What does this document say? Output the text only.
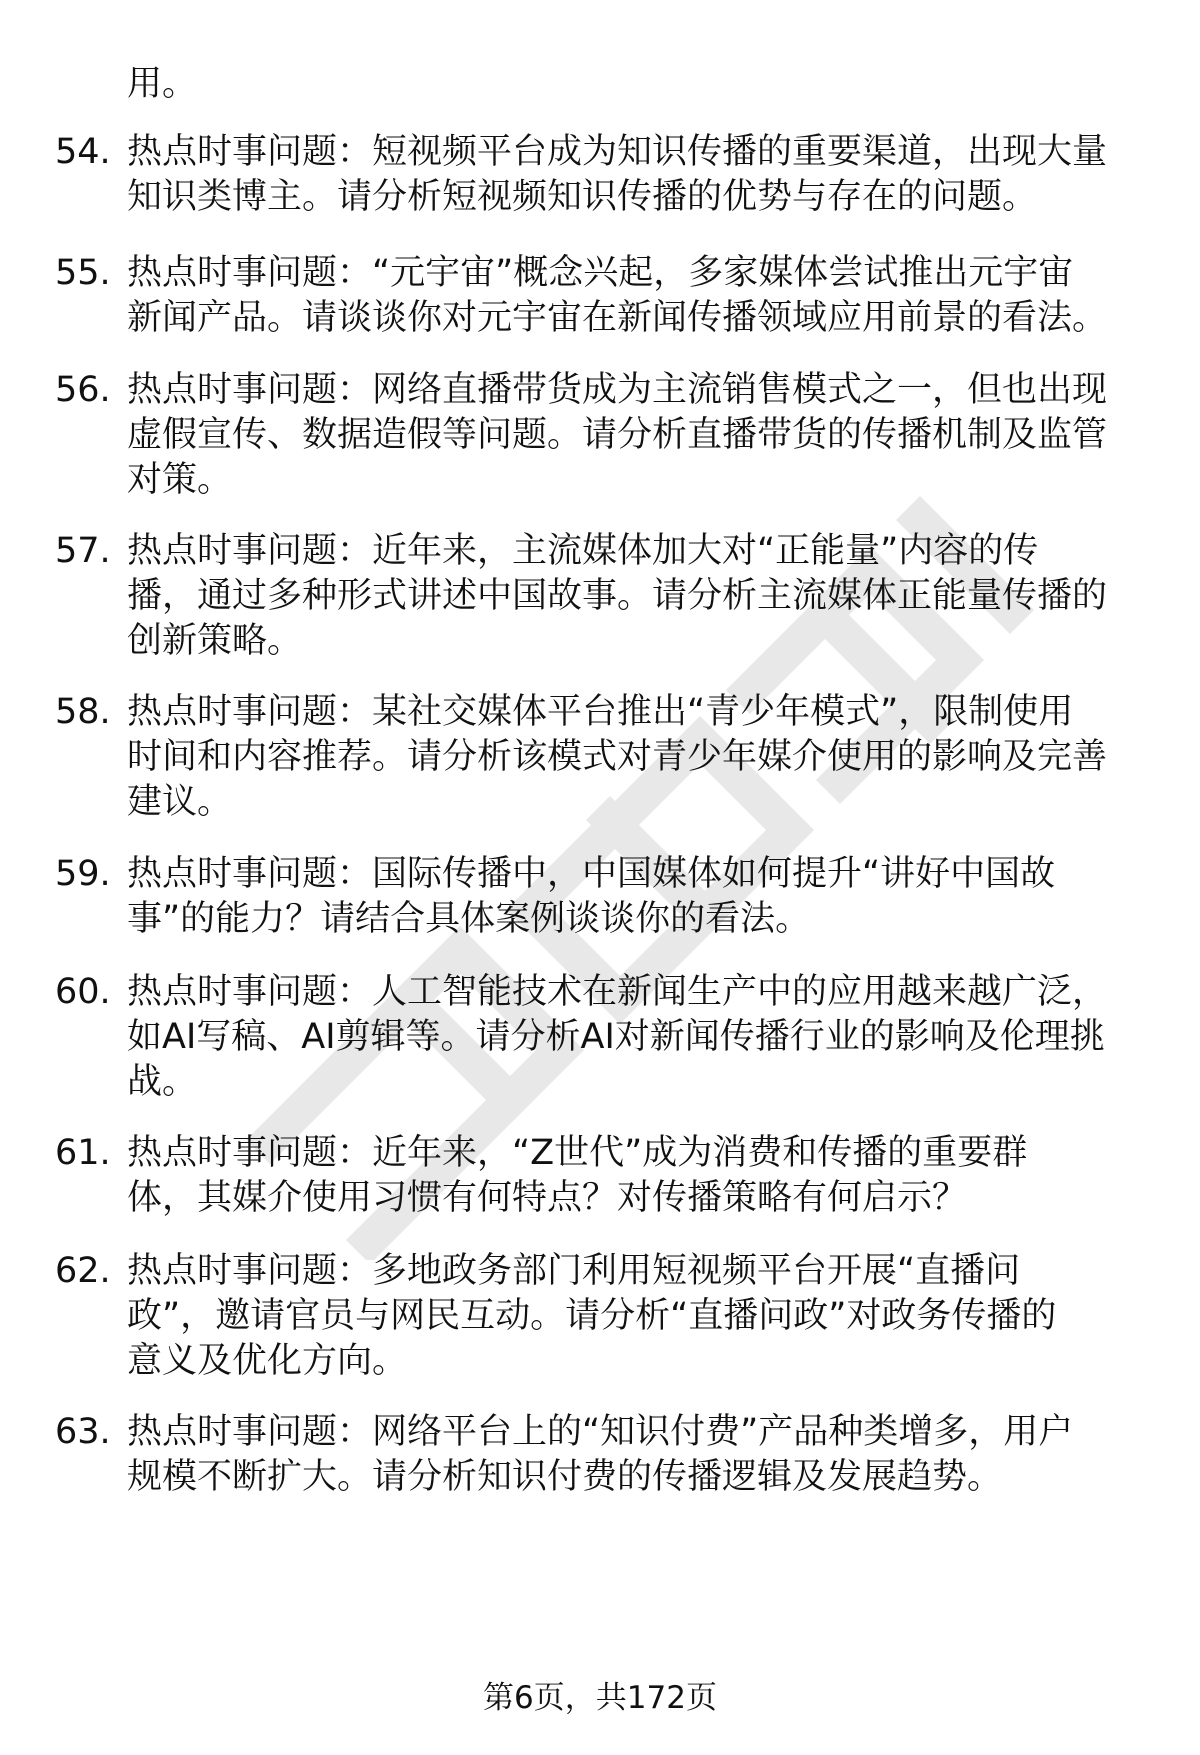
用。
54. 热点时事问题：短视频平台成为知识传播的重要渠道，出现大量
知识类博主。请分析短视频知识传播的优势与存在的问题。
55. 热点时事问题：“元宇宙”概念兴起，多家媒体尝试推出元宇宙
新闻产品。请谈谈你对元宇宙在新闻传播领域应用前景的看法。
56. 热点时事问题：网络直播带货成为主流销售模式之一，但也出现
虚假宣传、数据造假等问题。请分析直播带货的传播机制及监管
对策。
57. 热点时事问题：近年来，主流媒体加大对“正能量”内容的传
播，通过多种形式讲述中国故事。请分析主流媒体正能量传播的
创新策略。
58. 热点时事问题：某社交媒体平台推出“青少年模式”，限制使用
时间和内容推荐。请分析该模式对青少年媒介使用的影响及完善
建议。
59. 热点时事问题：国际传播中，中国媒体如何提升“讲好中国故
事”的能力？请结合具体案例谈谈你的看法。
60. 热点时事问题：人工智能技术在新闻生产中的应用越来越广泛，
如AI写稿、AI剪辑等。请分析AI对新闻传播行业的影响及伦理挑
战。
61. 热点时事问题：近年来，“Z世代”成为消费和传播的重要群
体，其媒介使用习惯有何特点？对传播策略有何启示？
62. 热点时事问题：多地政务部门利用短视频平台开展“直播问
政”，邀请官员与网民互动。请分析“直播问政”对政务传播的
意义及优化方向。
63. 热点时事问题：网络平台上的“知识付费”产品种类增多，用户
规模不断扩大。请分析知识付费的传播逻辑及发展趋势。
第6页，共172页
